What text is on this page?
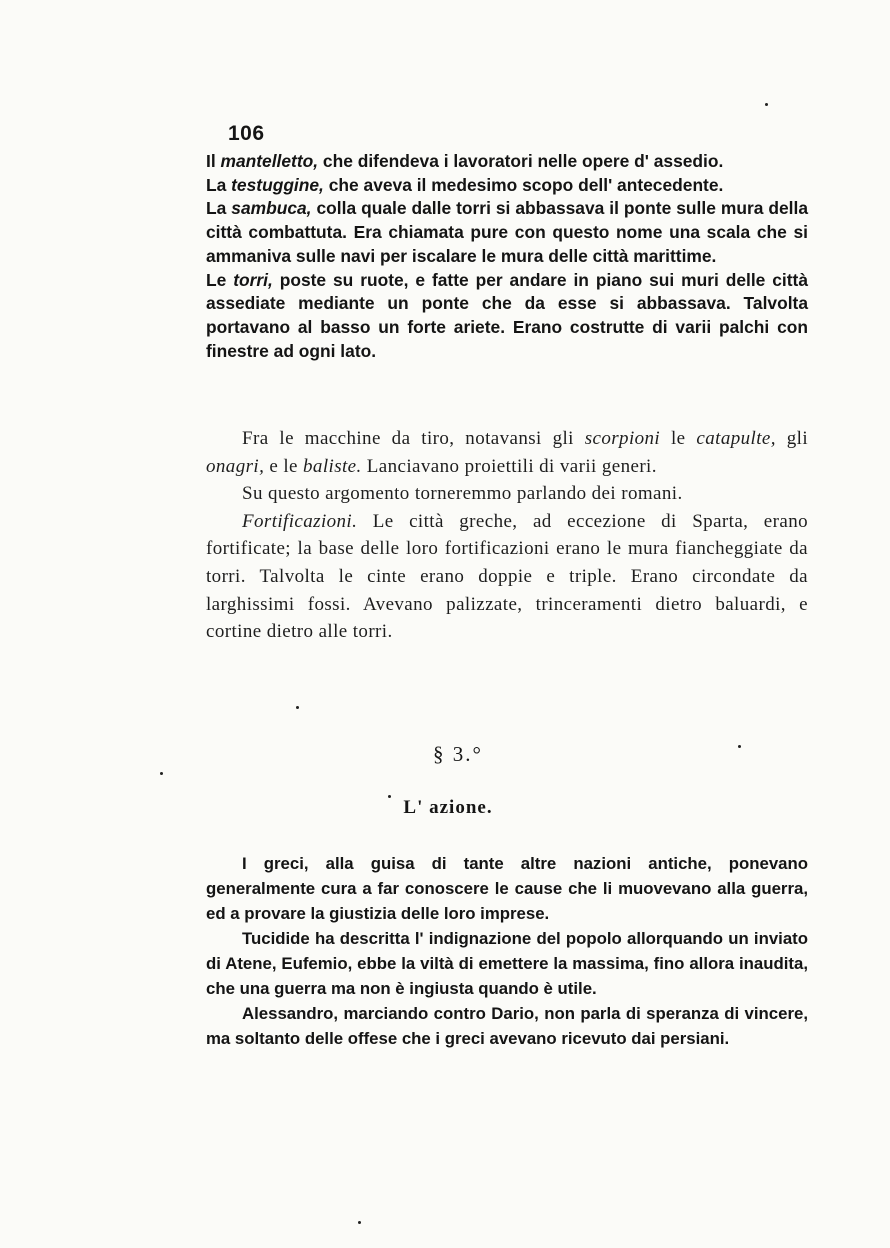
106

Il mantelletto, che difendeva i lavoratori nelle opere d' assedio.

La testuggine, che aveva il medesimo scopo dell' antecedente.

La sambuca, colla quale dalle torri si abbassava il ponte sulle mura della città combattuta. Era chiamata pure con questo nome una scala che si ammaniva sulle navi per iscalare le mura delle città marittime.

Le torri, poste su ruote, e fatte per andare in piano sui muri delle città assediate mediante un ponte che da esse si abbassava. Talvolta portavano al basso un forte ariete. Erano costrutte di varii palchi con finestre ad ogni lato.

Fra le macchine da tiro, notavansi gli scorpioni le catapulte, gli onagri, e le baliste. Lanciavano proiettili di varii generi.

Su questo argomento torneremmo parlando dei romani.

Fortificazioni. Le città greche, ad eccezione di Sparta, erano fortificate; la base delle loro fortificazioni erano le mura fiancheggiate da torri. Talvolta le cinte erano doppie e triple. Erano circondate da larghissimi fossi. Avevano palizzate, trinceramenti dietro baluardi, e cortine dietro alle torri.

§ 3.°
L' azione.

I greci, alla guisa di tante altre nazioni antiche, ponevano generalmente cura a far conoscere le cause che li muovevano alla guerra, ed a provare la giustizia delle loro imprese.

Tucidide ha descritta l' indignazione del popolo allorquando un inviato di Atene, Eufemio, ebbe la viltà di emettere la massima, fino allora inaudita, che una guerra ma non è ingiusta quando è utile.

Alessandro, marciando contro Dario, non parla di speranza di vincere, ma soltanto delle offese che i greci avevano ricevuto dai persiani.
